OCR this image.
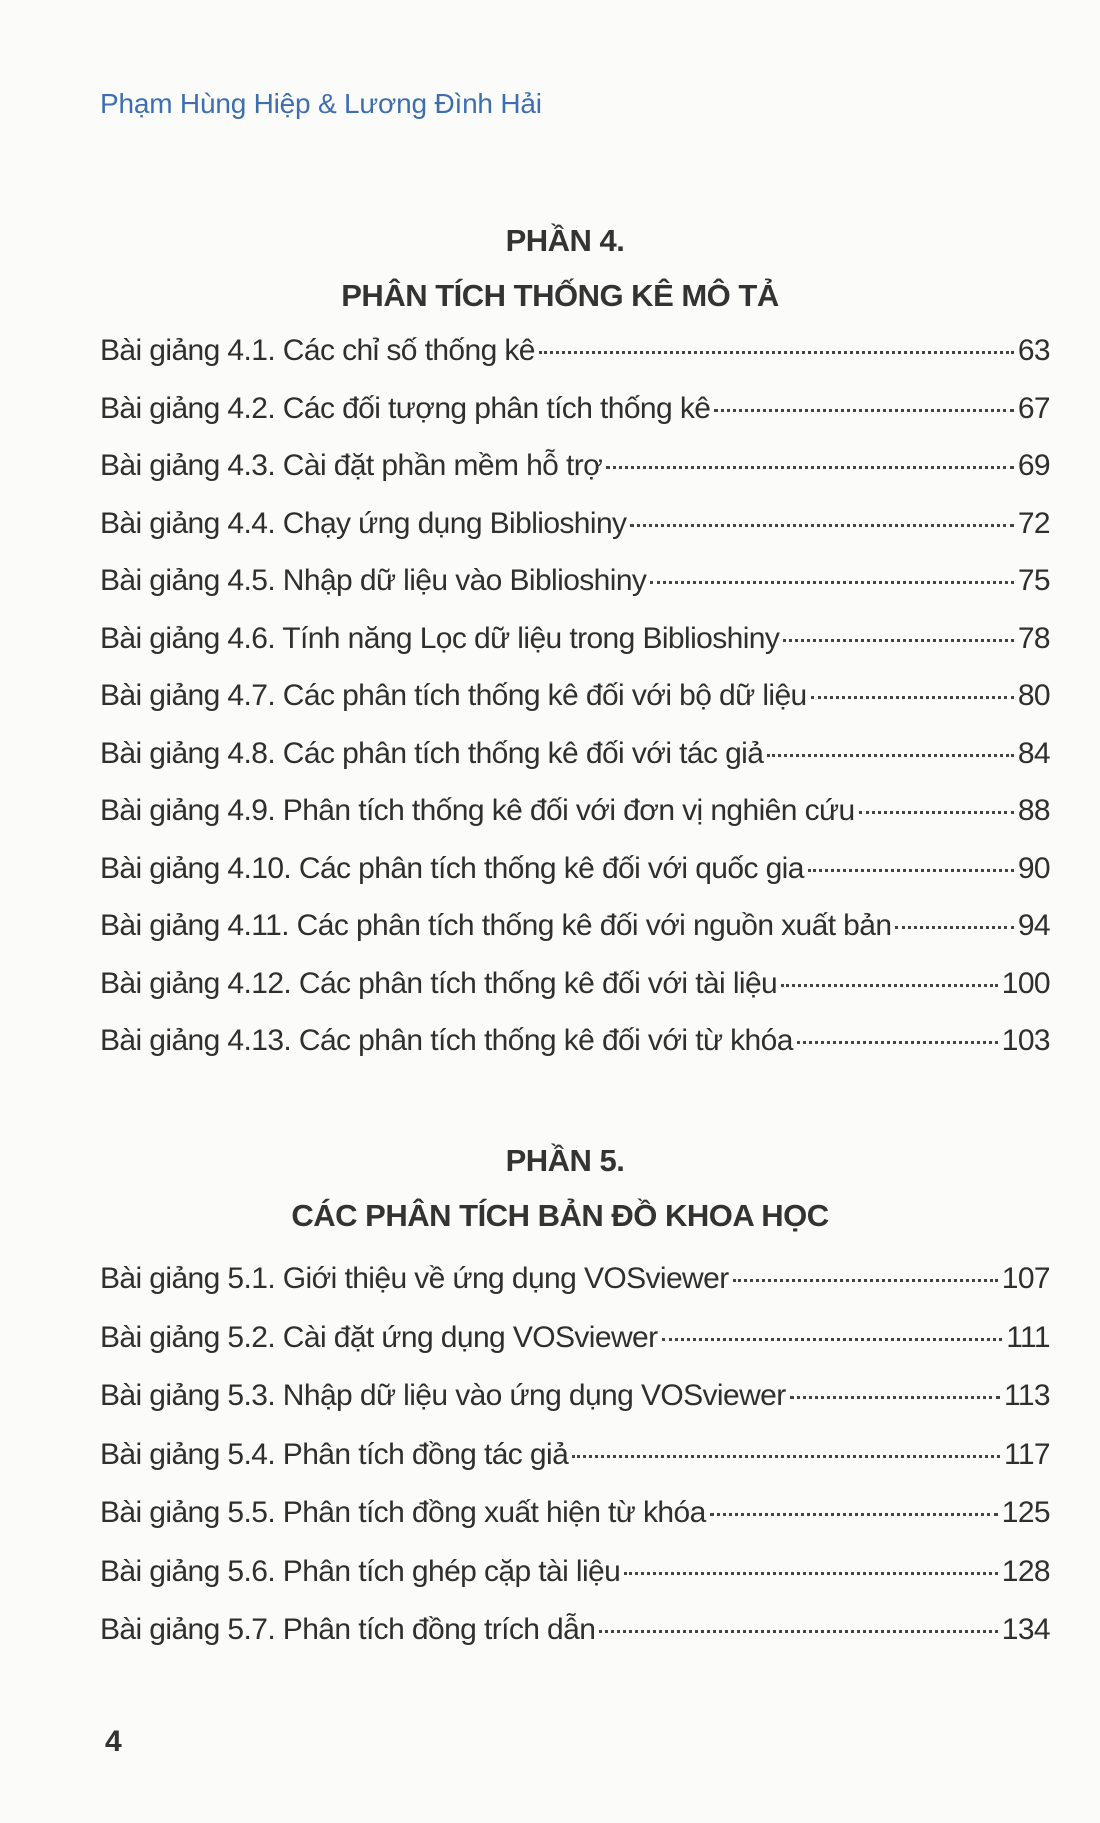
Phạm Hùng Hiệp & Lương Đình Hải
PHẦN 4.
PHÂN TÍCH THỐNG KÊ MÔ TẢ
Bài giảng 4.1. Các chỉ số thống kê	63
Bài giảng 4.2. Các đối tượng phân tích thống kê	67
Bài giảng 4.3. Cài đặt phần mềm hỗ trợ	69
Bài giảng 4.4. Chạy ứng dụng Biblioshiny	72
Bài giảng 4.5. Nhập dữ liệu vào Biblioshiny	75
Bài giảng 4.6. Tính năng Lọc dữ liệu trong Biblioshiny	78
Bài giảng 4.7. Các phân tích thống kê đối với bộ dữ liệu	80
Bài giảng 4.8. Các phân tích thống kê đối với tác giả	84
Bài giảng 4.9. Phân tích thống kê đối với đơn vị nghiên cứu	88
Bài giảng 4.10. Các phân tích thống kê đối với quốc gia	90
Bài giảng 4.11. Các phân tích thống kê đối với nguồn xuất bản	94
Bài giảng 4.12. Các phân tích thống kê đối với tài liệu	100
Bài giảng 4.13. Các phân tích thống kê đối với từ khóa	103
PHẦN 5.
CÁC PHÂN TÍCH BẢN ĐỒ KHOA HỌC
Bài giảng 5.1. Giới thiệu về ứng dụng VOSviewer	107
Bài giảng 5.2. Cài đặt ứng dụng VOSviewer	111
Bài giảng 5.3. Nhập dữ liệu vào ứng dụng VOSviewer	113
Bài giảng 5.4. Phân tích đồng tác giả	117
Bài giảng 5.5. Phân tích đồng xuất hiện từ khóa	125
Bài giảng 5.6. Phân tích ghép cặp tài liệu	128
Bài giảng 5.7. Phân tích đồng trích dẫn	134
4
